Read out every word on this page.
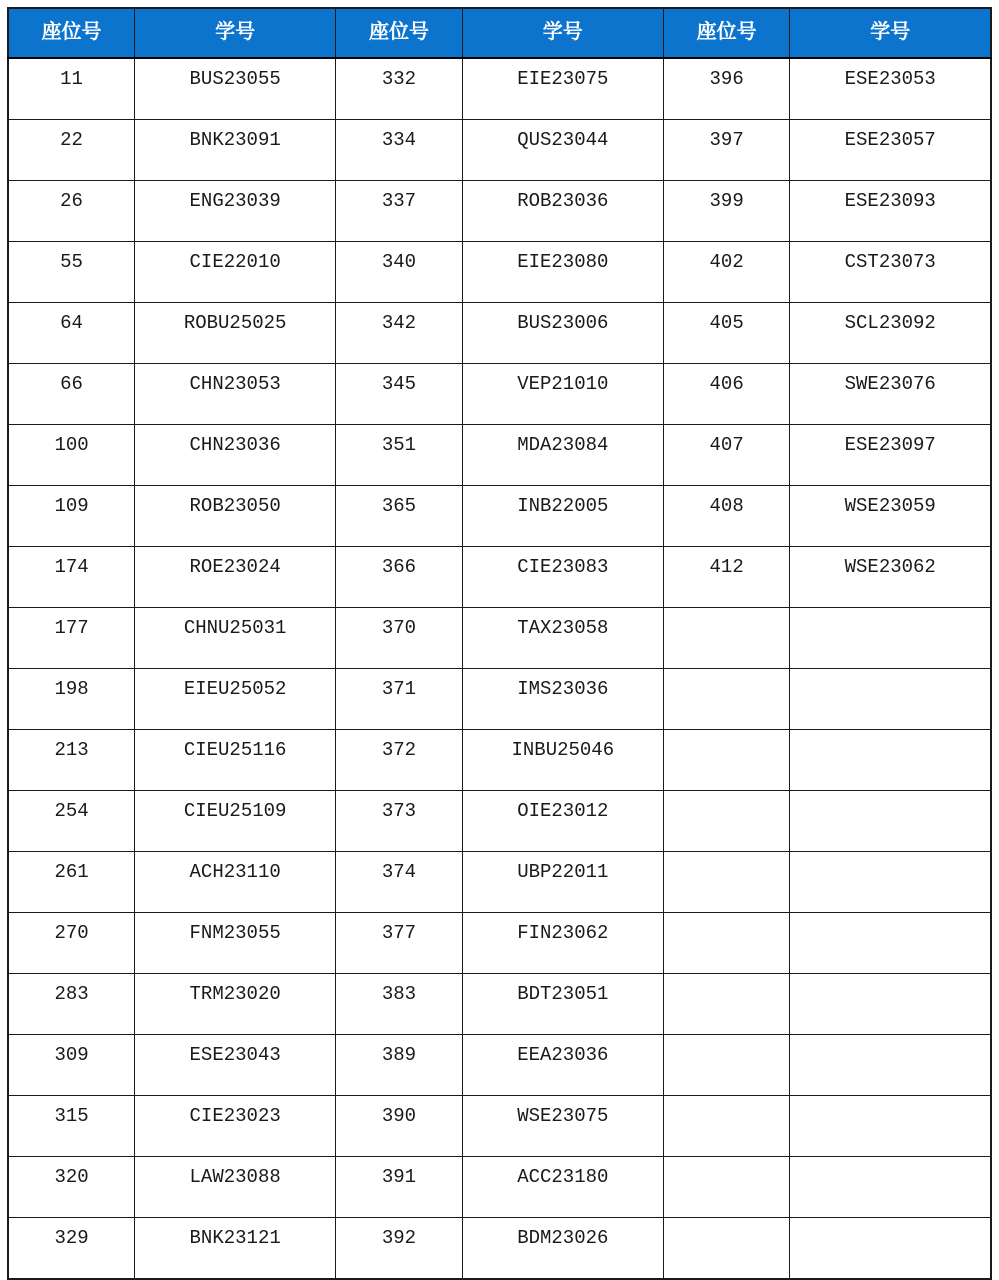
座位号	学号	座位号	学号	座位号	学号
11	BUS23055	332	EIE23075	396	ESE23053
22	BNK23091	334	QUS23044	397	ESE23057
26	ENG23039	337	ROB23036	399	ESE23093
55	CIE22010	340	EIE23080	402	CST23073
64	ROBU25025	342	BUS23006	405	SCL23092
66	CHN23053	345	VEP21010	406	SWE23076
100	CHN23036	351	MDA23084	407	ESE23097
109	ROB23050	365	INB22005	408	WSE23059
174	ROE23024	366	CIE23083	412	WSE23062
177	CHNU25031	370	TAX23058		
198	EIEU25052	371	IMS23036		
213	CIEU25116	372	INBU25046		
254	CIEU25109	373	OIE23012		
261	ACH23110	374	UBP22011		
270	FNM23055	377	FIN23062		
283	TRM23020	383	BDT23051		
309	ESE23043	389	EEA23036		
315	CIE23023	390	WSE23075		
320	LAW23088	391	ACC23180		
329	BNK23121	392	BDM23026		
